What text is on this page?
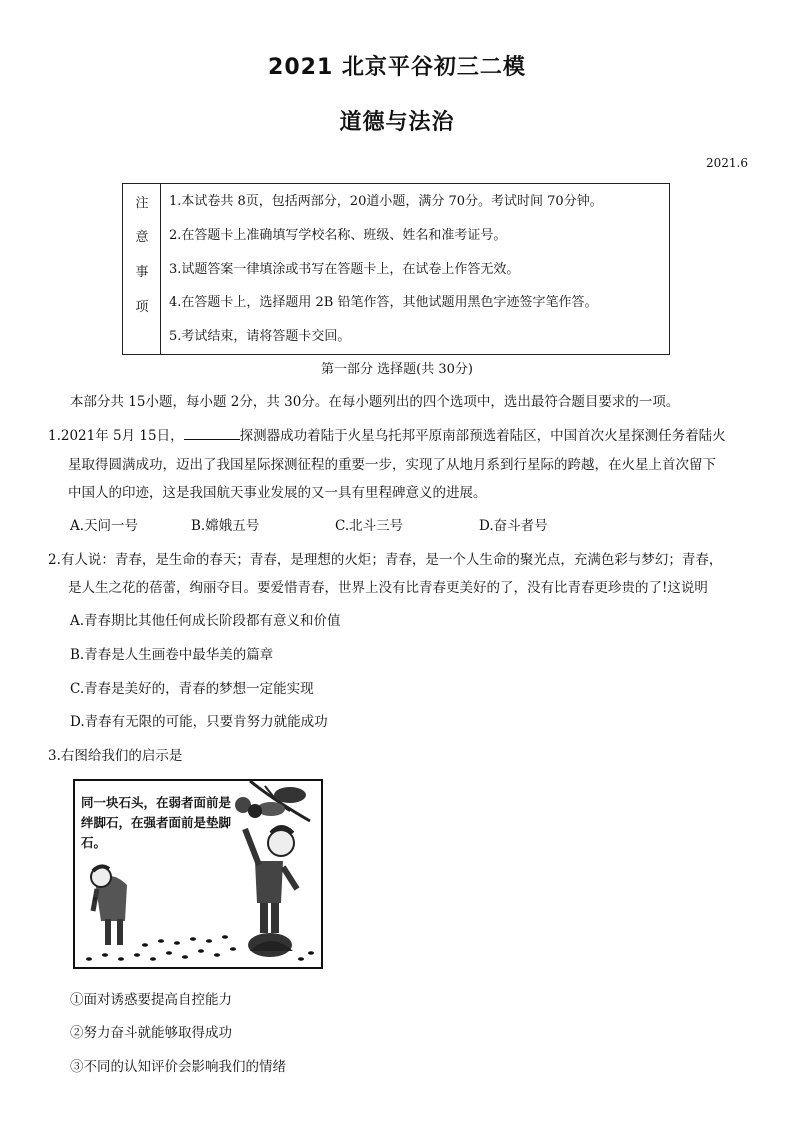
2021 北京平谷初三二模
道德与法治
2021.6
注
意
事
项
1.本试卷共 8页，包括两部分，20道小题，满分 70分。考试时间 70分钟。
2.在答题卡上准确填写学校名称、班级、姓名和准考证号。
3.试题答案一律填涂或书写在答题卡上，在试卷上作答无效。
4.在答题卡上，选择题用 2B 铅笔作答，其他试题用黑色字迹签字笔作答。
5.考试结束，请将答题卡交回。
第一部分 选择题(共 30分)
本部分共 15小题，每小题 2分，共 30分。在每小题列出的四个选项中，选出最符合题目要求的一项。
1.2021年 5月 15日，	探测器成功着陆于火星乌托邦平原南部预选着陆区，中国首次火星探测任务着陆火
星取得圆满成功，迈出了我国星际探测征程的重要一步，实现了从地月系到行星际的跨越，在火星上首次留下
中国人的印迹，这是我国航天事业发展的又一具有里程碑意义的进展。
A.天问一号	B.嫦娥五号	C.北斗三号	D.奋斗者号
2.有人说：青春，是生命的春天；青春，是理想的火炬；青春，是一个人生命的聚光点，充满色彩与梦幻；青春，
是人生之花的蓓蕾，绚丽夺目。要爱惜青春，世界上没有比青春更美好的了，没有比青春更珍贵的了!这说明
A.青春期比其他任何成长阶段都有意义和价值
B.青春是人生画卷中最华美的篇章
C.青春是美好的，青春的梦想一定能实现
D.青春有无限的可能，只要肯努力就能成功
3.右图给我们的启示是
同一块石头，在弱者面前是绊脚石，在强者面前是垫脚石。
①面对诱惑要提高自控能力
②努力奋斗就能够取得成功
③不同的认知评价会影响我们的情绪
